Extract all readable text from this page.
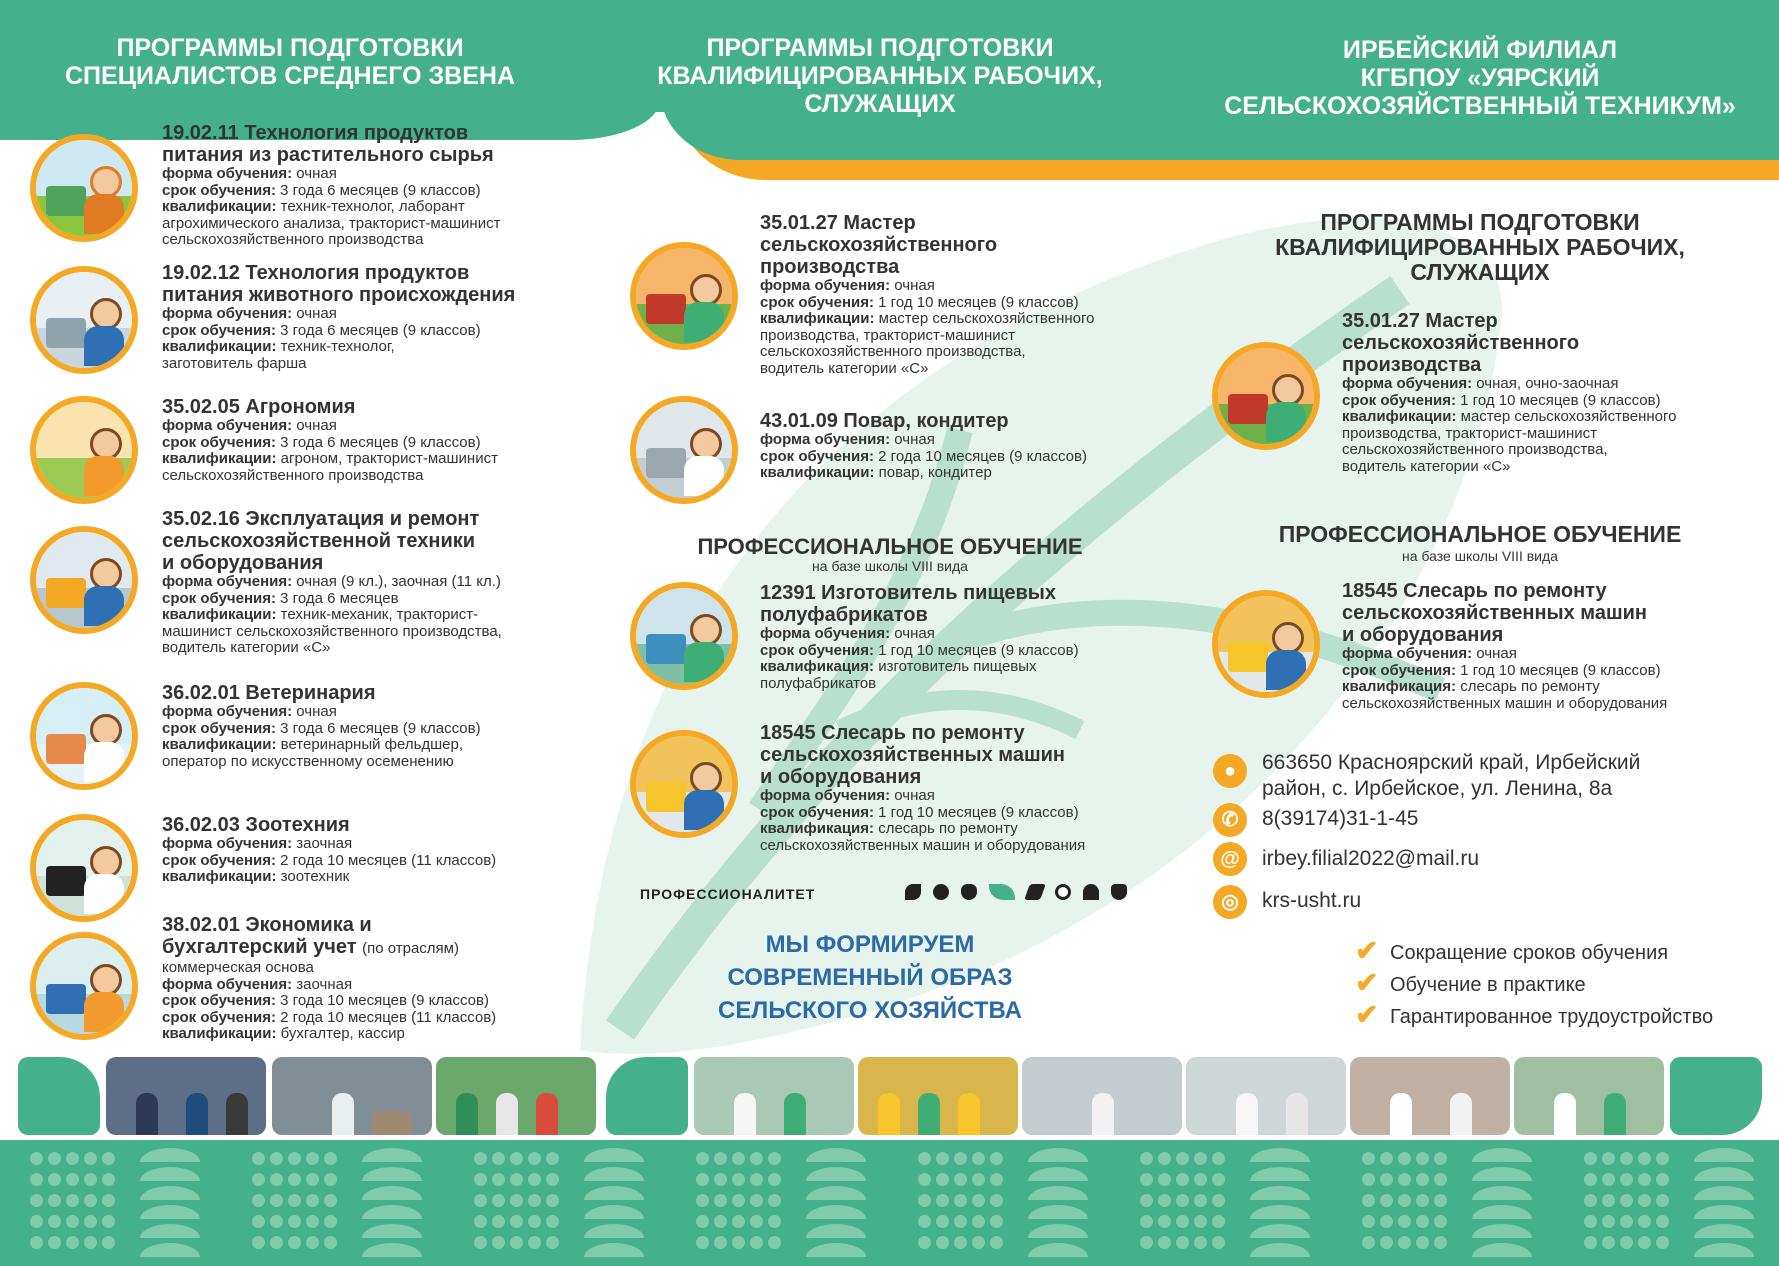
ПРОГРАММЫ ПОДГОТОВКИ
СПЕЦИАЛИСТОВ СРЕДНЕГО ЗВЕНА
ПРОГРАММЫ ПОДГОТОВКИ
КВАЛИФИЦИРОВАННЫХ РАБОЧИХ,
СЛУЖАЩИХ
ИРБЕЙСКИЙ ФИЛИАЛ
КГБПОУ «УЯРСКИЙ
СЕЛЬСКОХОЗЯЙСТВЕННЫЙ ТЕХНИКУМ»
19.02.11 Технология продуктов
питания из растительного сырья
форма обучения: очная
срок обучения: 3 года 6 месяцев (9 классов)
квалификации: техник-технолог, лаборант
агрохимического анализа, тракторист-машинист
сельскохозяйственного производства
19.02.12 Технология продуктов
питания животного происхождения
форма обучения: очная
срок обучения: 3 года 6 месяцев (9 классов)
квалификации: техник-технолог,
заготовитель фарша
35.02.05 Агрономия
форма обучения: очная
срок обучения: 3 года 6 месяцев (9 классов)
квалификации: агроном, тракторист-машинист
сельскохозяйственного производства
35.02.16 Эксплуатация и ремонт
сельскохозяйственной техники
и оборудования
форма обучения: очная (9 кл.), заочная (11 кл.)
срок обучения: 3 года 6 месяцев
квалификации: техник-механик, тракторист-
машинист сельскохозяйственного производства,
водитель категории «С»
36.02.01 Ветеринария
форма обучения: очная
срок обучения: 3 года 6 месяцев (9 классов)
квалификации: ветеринарный фельдшер,
оператор по искусственному осеменению
36.02.03 Зоотехния
форма обучения: заочная
срок обучения: 2 года 10 месяцев (11 классов)
квалификации: зоотехник
38.02.01 Экономика и
бухгалтерский учет (по отраслям)
коммерческая основа
форма обучения: заочная
срок обучения: 3 года 10 месяцев (9 классов)
срок обучения: 2 года 10 месяцев (11 классов)
квалификации: бухгалтер, кассир
35.01.27 Мастер
сельскохозяйственного
производства
форма обучения: очная
срок обучения: 1 год 10 месяцев (9 классов)
квалификации: мастер сельскохозяйственного
производства, тракторист-машинист
сельскохозяйственного производства,
водитель категории «С»
43.01.09 Повар, кондитер
форма обучения: очная
срок обучения: 2 года 10 месяцев (9 классов)
квалификации: повар, кондитер
ПРОФЕССИОНАЛЬНОЕ ОБУЧЕНИЕ
на базе школы VIII вида
12391 Изготовитель пищевых
полуфабрикатов
форма обучения: очная
срок обучения: 1 год 10 месяцев (9 классов)
квалификация: изготовитель пищевых
полуфабрикатов
18545 Слесарь по ремонту
сельскохозяйственных машин
и оборудования
форма обучения: очная
срок обучения: 1 год 10 месяцев (9 классов)
квалификация: слесарь по ремонту
сельскохозяйственных машин и оборудования
ПРОФЕССИОНАЛИТЕТ
МЫ ФОРМИРУЕМ
СОВРЕМЕННЫЙ ОБРАЗ
СЕЛЬСКОГО ХОЗЯЙСТВА
ПРОГРАММЫ ПОДГОТОВКИ
КВАЛИФИЦИРОВАННЫХ РАБОЧИХ,
СЛУЖАЩИХ
35.01.27 Мастер
сельскохозяйственного
производства
форма обучения: очная, очно-заочная
срок обучения: 1 год 10 месяцев (9 классов)
квалификации: мастер сельскохозяйственного
производства, тракторист-машинист
сельскохозяйственного производства,
водитель категории «С»
ПРОФЕССИОНАЛЬНОЕ ОБУЧЕНИЕ
на базе школы VIII вида
18545 Слесарь по ремонту
сельскохозяйственных машин
и оборудования
форма обучения: очная
срок обучения: 1 год 10 месяцев (9 классов)
квалификация: слесарь по ремонту
сельскохозяйственных машин и оборудования
●	663650 Красноярский край, Ирбейский
район, с. Ирбейское, ул. Ленина, 8а
✆	8(39174)31-1-45
@	irbey.filial2022@mail.ru
◎	krs-usht.ru
✔ Сокращение сроков обучения
✔ Обучение в практике
✔ Гарантированное трудоустройство
